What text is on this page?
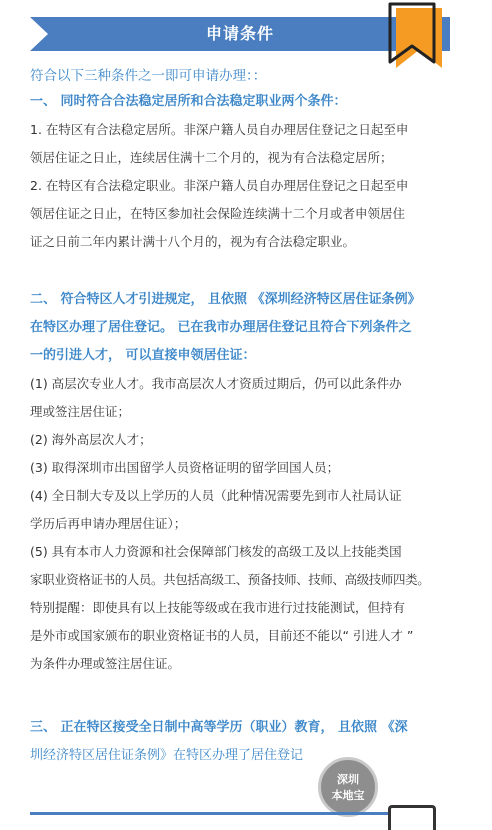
申请条件

符合以下三种条件之一即可申请办理：：

一、 同时符合合法稳定居所和合法稳定职业两个条件：

1. 在特区有合法稳定居所。非深户籍人员自办理居住登记之日起至申

领居住证之日止，连续居住满十二个月的，视为有合法稳定居所；

2. 在特区有合法稳定职业。非深户籍人员自办理居住登记之日起至申

领居住证之日止，在特区参加社会保险连续满十二个月或者申领居住

证之日前二年内累计满十八个月的，视为有合法稳定职业。

二、 符合特区人才引进规定， 且依照 《深圳经济特区居住证条例》

在特区办理了居住登记。 已在我市办理居住登记且符合下列条件之

一的引进人才， 可以直接申领居住证：

(1) 高层次专业人才。我市高层次人才资质过期后，仍可以此条件办

理或签注居住证；

(2) 海外高层次人才；

(3) 取得深圳市出国留学人员资格证明的留学回国人员；

(4) 全日制大专及以上学历的人员（此种情况需要先到市人社局认证

学历后再申请办理居住证）；

(5) 具有本市人力资源和社会保障部门核发的高级工及以上技能类国

家职业资格证书的人员。共包括高级工、预备技师、技师、高级技师四类。

特别提醒：即使具有以上技能等级或在我市进行过技能测试，但持有

是外市或国家颁布的职业资格证书的人员，目前还不能以“ 引进人才 ”

为条件办理或签注居住证。

三、 正在特区接受全日制中高等学历（职业）教育， 且依照 《深

圳经济特区居住证条例》在特区办理了居住登记

深圳
本地宝
